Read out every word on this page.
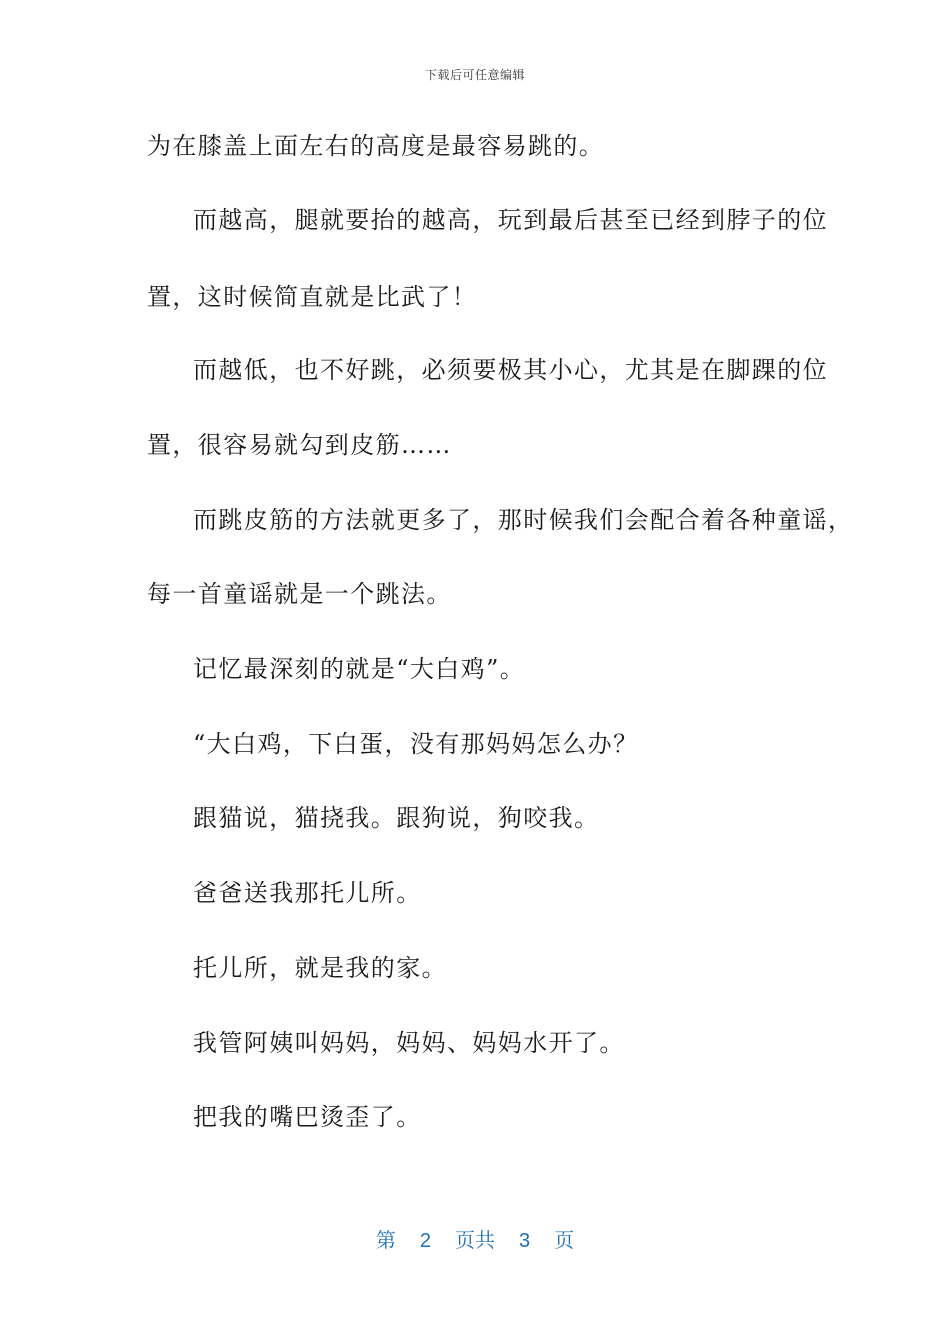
下载后可任意编辑
为在膝盖上面左右的高度是最容易跳的。
而越高，腿就要抬的越高，玩到最后甚至已经到脖子的位
置，这时候简直就是比武了！
而越低，也不好跳，必须要极其小心，尤其是在脚踝的位
置，很容易就勾到皮筋……
而跳皮筋的方法就更多了，那时候我们会配合着各种童谣，
每一首童谣就是一个跳法。
记忆最深刻的就是“大白鸡”。
“大白鸡，下白蛋，没有那妈妈怎么办？
跟猫说，猫挠我。跟狗说，狗咬我。
爸爸送我那托儿所。
托儿所，就是我的家。
我管阿姨叫妈妈，妈妈、妈妈水开了。
把我的嘴巴烫歪了。
第 2 页共 3 页
